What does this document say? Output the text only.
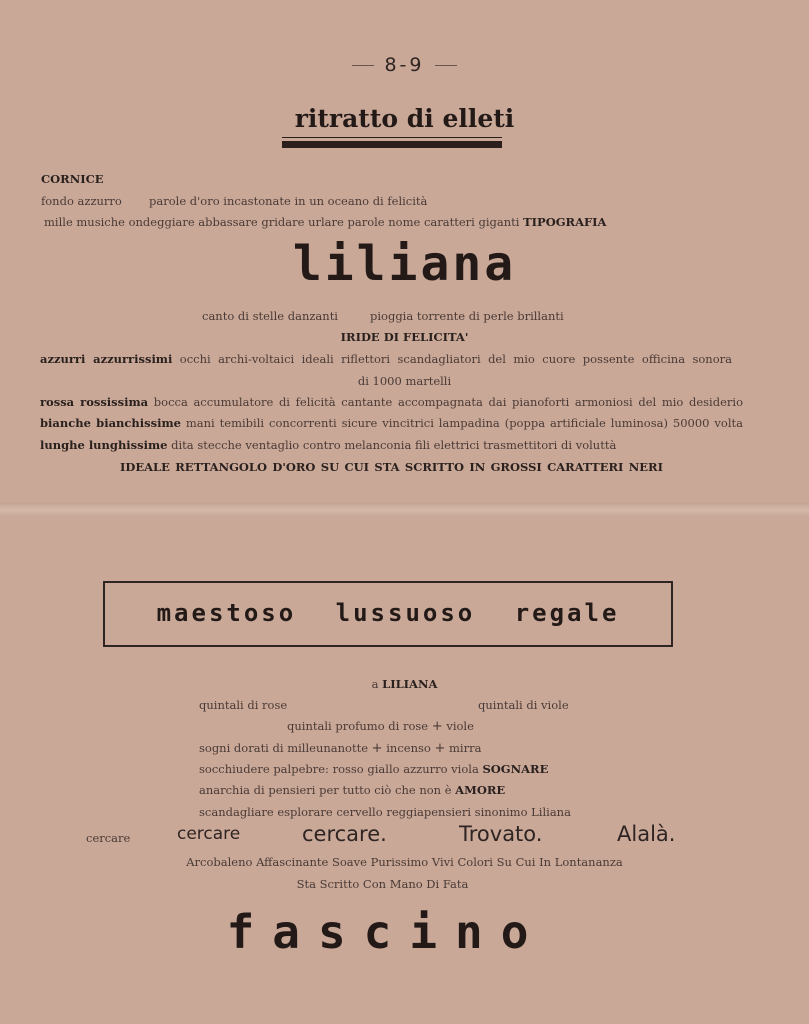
8-9
ritratto di elleti
CORNICE
fondo azzurro parole d'oro incastonate in un oceano di felicità
mille musiche ondeggiare abbassare gridare urlare parole nome caratteri giganti TIPOGRAFIA
liliana
canto di stelle danzanti	pioggia torrente di perle brillanti
IRIDE DI FELICITA'
azzurri azzurrissimi occhi archi-voltaici ideali riflettori scandagliatori del mio cuore possente officina sonora
di 1000 martelli
rossa rossissima bocca accumulatore di felicità cantante accompagnata dai pianoforti armoniosi del mio desiderio
bianche bianchissime mani temibili concorrenti sicure vincitrici lampadina (poppa artificiale luminosa) 50000 volta
lunghe lunghissime dita stecche ventaglio contro melanconia fili elettrici trasmettitori di voluttà
IDEALE RETTANGOLO D'ORO SU CUI STA SCRITTO IN GROSSI CARATTERI NERI
maestoso lussuoso regale
a LILIANA
quintali di rose	quintali di viole
quintali profumo di rose + viole
sogni dorati di milleunanotte + incenso + mirra
socchiudere palpebre: rosso giallo azzurro viola SOGNARE
anarchia di pensieri per tutto ciò che non è AMORE
scandagliare esplorare cervello reggiapensieri sinonimo Liliana
cercare	cercare	cercare.	Trovato.	Alalà.
Arcobaleno Affascinante Soave Purissimo Vivi Colori Su Cui In Lontananza
Sta Scritto Con Mano Di Fata
fascino
